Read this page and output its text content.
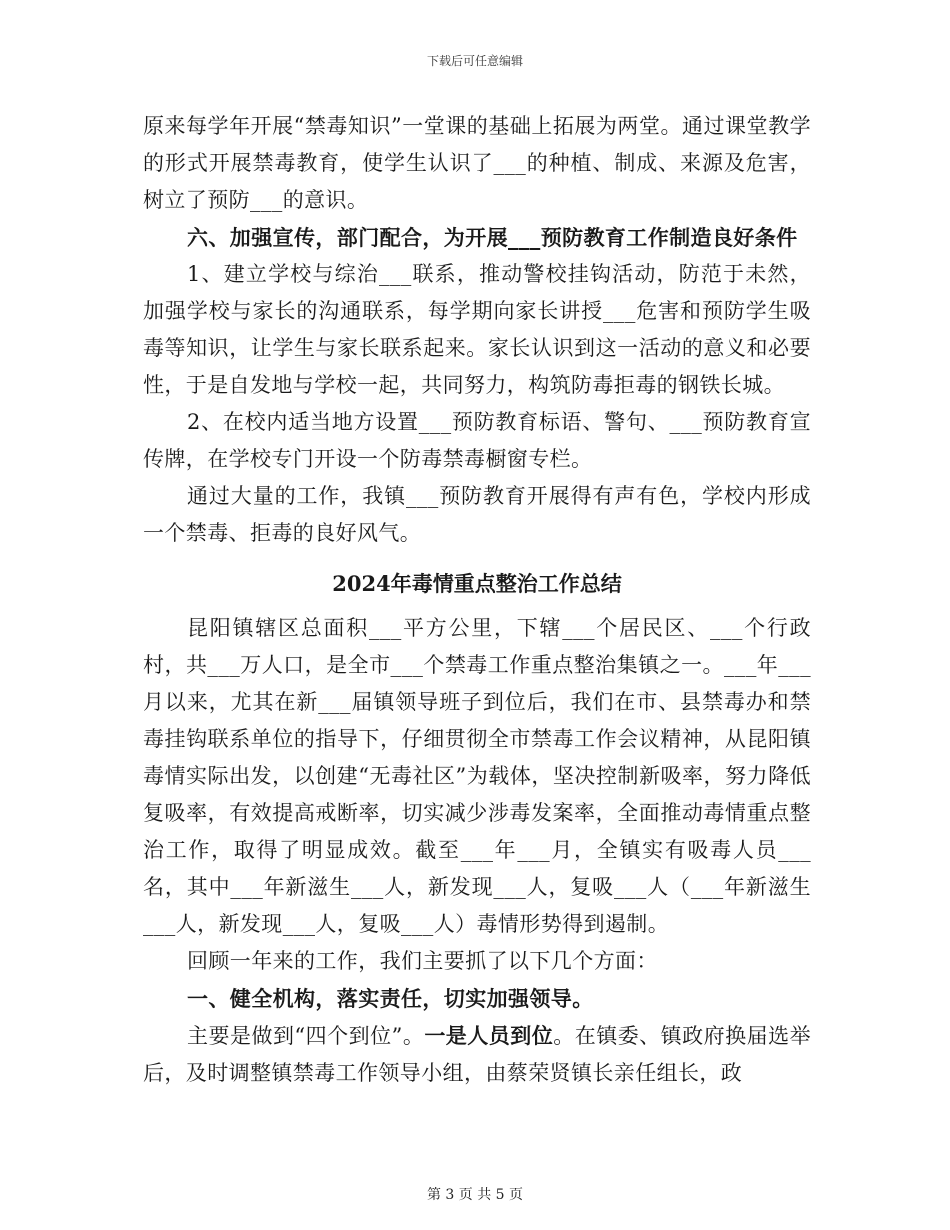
下载后可任意编辑

原来每学年开展“禁毒知识”一堂课的基础上拓展为两堂。通过课堂教学的形式开展禁毒教育，使学生认识了___的种植、制成、来源及危害，树立了预防___的意识。

六、加强宣传，部门配合，为开展___预防教育工作制造良好条件

1、建立学校与综治___联系，推动警校挂钩活动，防范于未然，加强学校与家长的沟通联系，每学期向家长讲授___危害和预防学生吸毒等知识，让学生与家长联系起来。家长认识到这一活动的意义和必要性，于是自发地与学校一起，共同努力，构筑防毒拒毒的钢铁长城。

2、在校内适当地方设置___预防教育标语、警句、___预防教育宣传牌，在学校专门开设一个防毒禁毒橱窗专栏。

通过大量的工作，我镇___预防教育开展得有声有色，学校内形成一个禁毒、拒毒的良好风气。

2024年毒情重点整治工作总结

昆阳镇辖区总面积___平方公里，下辖___个居民区、___个行政村，共___万人口，是全市___个禁毒工作重点整治集镇之一。___年___月以来，尤其在新___届镇领导班子到位后，我们在市、县禁毒办和禁毒挂钩联系单位的指导下，仔细贯彻全市禁毒工作会议精神，从昆阳镇毒情实际出发，以创建“无毒社区”为载体，坚决控制新吸率，努力降低复吸率，有效提高戒断率，切实减少涉毒发案率，全面推动毒情重点整治工作，取得了明显成效。截至___年___月，全镇实有吸毒人员___名，其中___年新滋生___人，新发现___人，复吸___人（___年新滋生___人，新发现___人，复吸___人）毒情形势得到遏制。

回顾一年来的工作，我们主要抓了以下几个方面：

一、健全机构，落实责任，切实加强领导。

主要是做到“四个到位”。一是人员到位。在镇委、镇政府换届选举后，及时调整镇禁毒工作领导小组，由蔡荣贤镇长亲任组长，政

第 3 页 共 5 页
